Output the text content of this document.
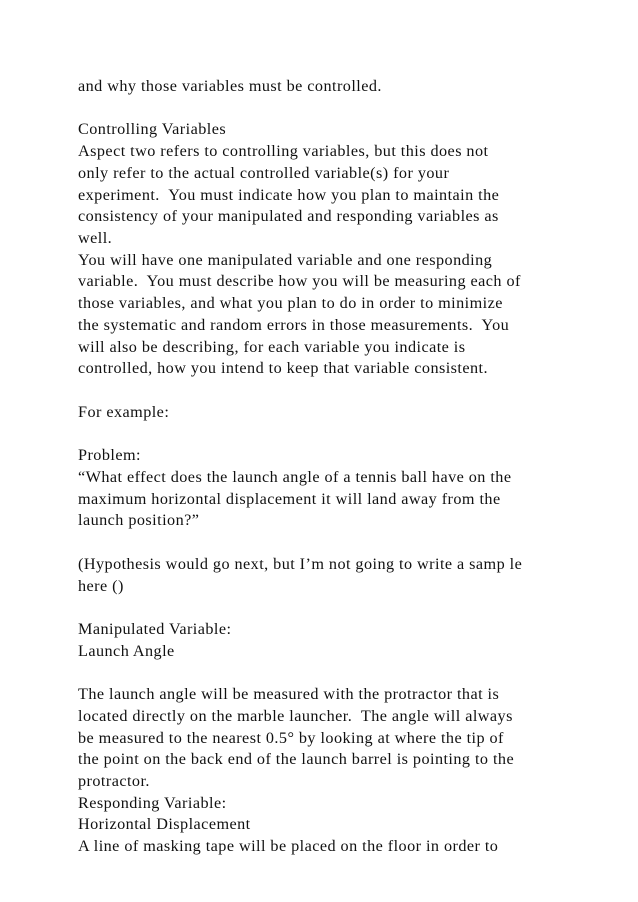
and why those variables must be controlled.
Controlling Variables
Aspect two refers to controlling variables, but this does not
only refer to the actual controlled variable(s) for your
experiment.  You must indicate how you plan to maintain the
consistency of your manipulated and responding variables as
well.
You will have one manipulated variable and one responding
variable.  You must describe how you will be measuring each of
those variables, and what you plan to do in order to minimize
the systematic and random errors in those measurements.  You
will also be describing, for each variable you indicate is
controlled, how you intend to keep that variable consistent.
For example:
Problem:
“What effect does the launch angle of a tennis ball have on the
maximum horizontal displacement it will land away from the
launch position?”
(Hypothesis would go next, but I’m not going to write a samp le
here ()
Manipulated Variable:
Launch Angle
The launch angle will be measured with the protractor that is
located directly on the marble launcher.  The angle will always
be measured to the nearest 0.5° by looking at where the tip of
the point on the back end of the launch barrel is pointing to the
protractor.
Responding Variable:
Horizontal Displacement
A line of masking tape will be placed on the floor in order to
